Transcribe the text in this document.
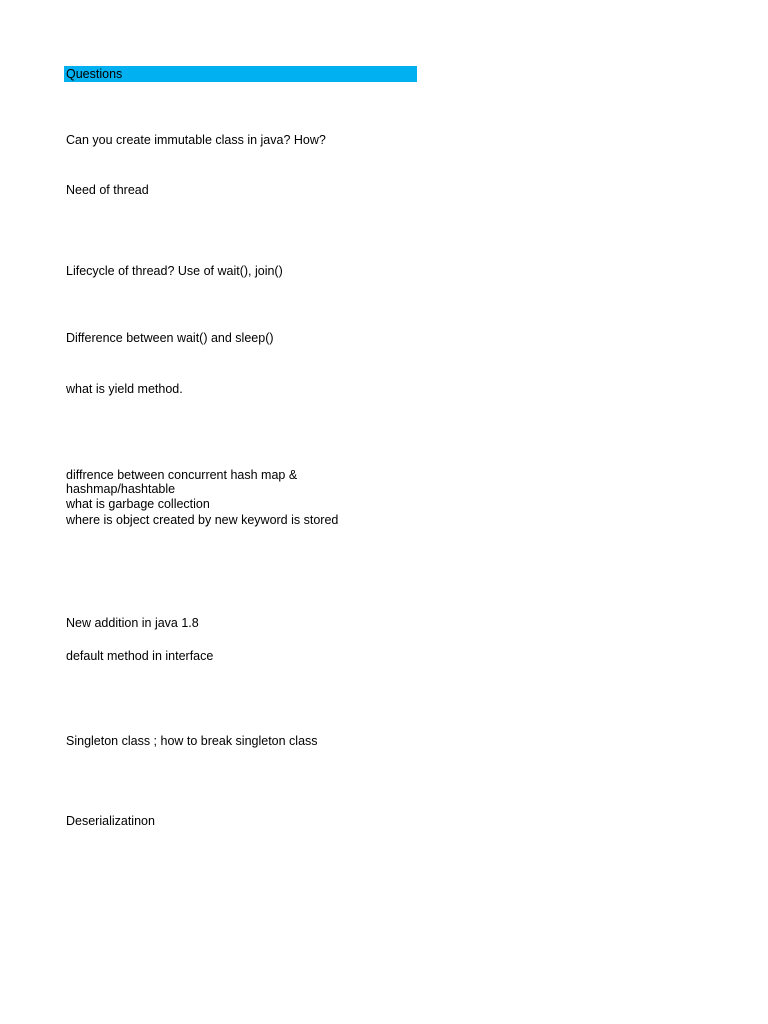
Questions
Can you create immutable class in java? How?
Need of thread
Lifecycle of thread? Use of wait(), join()
Difference between wait() and sleep()
what is yield method.
diffrence between concurrent hash map & hashmap/hashtable
what is garbage collection
where is object created by new keyword is stored
New addition in java 1.8
default method in interface
Singleton class ; how to break singleton class
Deserializatinon
